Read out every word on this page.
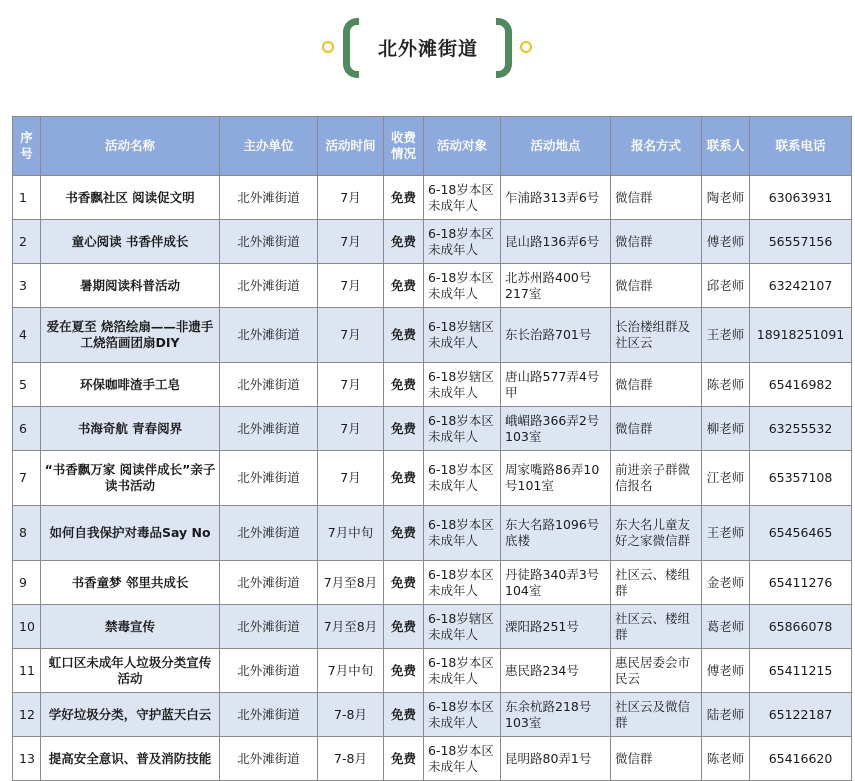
北外滩街道
序号	活动名称	主办单位	活动时间	收费情况	活动对象	活动地点	报名方式	联系人	联系电话
1	书香飘社区 阅读促文明	北外滩街道	7月	免费	6-18岁本区未成年人	乍浦路313弄6号	微信群	陶老师	63063931
2	童心阅读 书香伴成长	北外滩街道	7月	免费	6-18岁本区未成年人	昆山路136弄6号	微信群	傅老师	56557156
3	暑期阅读科普活动	北外滩街道	7月	免费	6-18岁本区未成年人	北苏州路400号217室	微信群	邱老师	63242107
4	爱在夏至 烧箔绘扇——非遗手工烧箔画团扇DIY	北外滩街道	7月	免费	6-18岁辖区未成年人	东长治路701号	长治楼组群及社区云	王老师	18918251091
5	环保咖啡渣手工皂	北外滩街道	7月	免费	6-18岁辖区未成年人	唐山路577弄4号甲	微信群	陈老师	65416982
6	书海奇航 青春阅界	北外滩街道	7月	免费	6-18岁本区未成年人	峨嵋路366弄2号103室	微信群	柳老师	63255532
7	“书香飘万家 阅读伴成长”亲子读书活动	北外滩街道	7月	免费	6-18岁本区未成年人	周家嘴路86弄10号101室	前进亲子群微信报名	江老师	65357108
8	如何自我保护对毒品Say No	北外滩街道	7月中旬	免费	6-18岁本区未成年人	东大名路1096号底楼	东大名儿童友好之家微信群	王老师	65456465
9	书香童梦 邻里共成长	北外滩街道	7月至8月	免费	6-18岁本区未成年人	丹徒路340弄3号104室	社区云、楼组群	金老师	65411276
10	禁毒宣传	北外滩街道	7月至8月	免费	6-18岁辖区未成年人	溧阳路251号	社区云、楼组群	葛老师	65866078
11	虹口区未成年人垃圾分类宣传活动	北外滩街道	7月中旬	免费	6-18岁本区未成年人	惠民路234号	惠民居委会市民云	傅老师	65411215
12	学好垃圾分类，守护蓝天白云	北外滩街道	7-8月	免费	6-18岁本区未成年人	东余杭路218号103室	社区云及微信群	陆老师	65122187
13	提高安全意识、普及消防技能	北外滩街道	7-8月	免费	6-18岁本区未成年人	昆明路80弄1号	微信群	陈老师	65416620
